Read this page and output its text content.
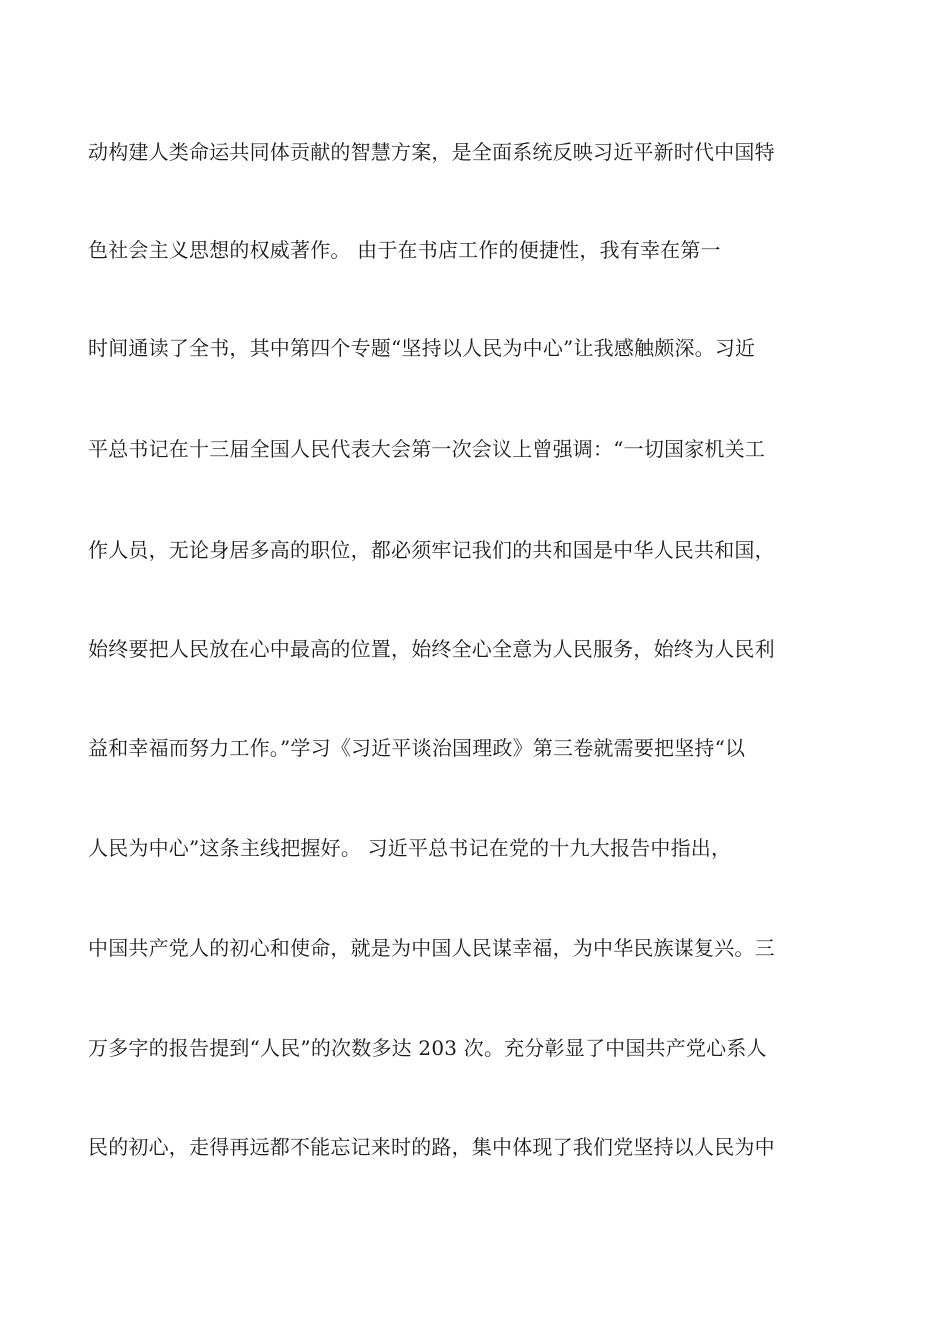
动构建人类命运共同体贡献的智慧方案，是全面系统反映习近平新时代中国特
色社会主义思想的权威著作。 由于在书店工作的便捷性，我有幸在第一
时间通读了全书，其中第四个专题“坚持以人民为中心”让我感触颇深。习近
平总书记在十三届全国人民代表大会第一次会议上曾强调：“一切国家机关工
作人员，无论身居多高的职位，都必须牢记我们的共和国是中华人民共和国，
始终要把人民放在心中最高的位置，始终全心全意为人民服务，始终为人民利
益和幸福而努力工作。”学习《习近平谈治国理政》第三卷就需要把坚持“以
人民为中心”这条主线把握好。 习近平总书记在党的十九大报告中指出，
中国共产党人的初心和使命，就是为中国人民谋幸福，为中华民族谋复兴。三
万多字的报告提到“人民”的次数多达 203 次。充分彰显了中国共产党心系人
民的初心，走得再远都不能忘记来时的路，集中体现了我们党坚持以人民为中
